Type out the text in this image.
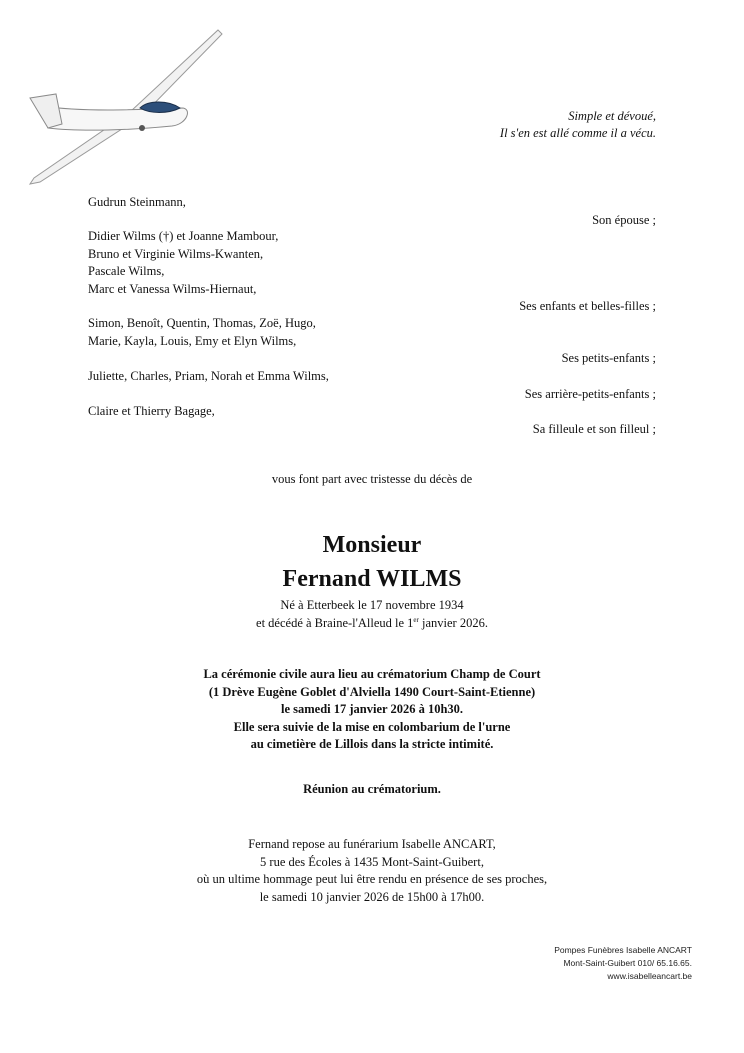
Simple et dévoué,
Il s'en est allé comme il a vécu.
Gudrun Steinmann,
Son épouse ;
Didier Wilms (†) et Joanne Mambour,
Bruno et Virginie Wilms-Kwanten,
Pascale Wilms,
Marc et Vanessa Wilms-Hiernaut,
Ses enfants et belles-filles ;
Simon, Benoît, Quentin, Thomas, Zoë, Hugo,
Marie, Kayla, Louis, Emy et Elyn Wilms,
Ses petits-enfants ;
Juliette, Charles, Priam, Norah et Emma Wilms,
Ses arrière-petits-enfants ;
Claire et Thierry Bagage,
Sa filleule et son filleul ;
vous font part avec tristesse du décès de
Monsieur
Fernand WILMS
Né à Etterbeek le 17 novembre 1934
et décédé à Braine-l'Alleud le 1er janvier 2026.
La cérémonie civile aura lieu au crématorium Champ de Court
(1 Drève Eugène Goblet d'Alviella 1490 Court-Saint-Etienne)
le samedi 17 janvier 2026 à 10h30.
Elle sera suivie de la mise en colombarium de l'urne
au cimetière de Lillois dans la stricte intimité.
Réunion au crématorium.
Fernand repose au funérarium Isabelle ANCART,
5 rue des Écoles à 1435 Mont-Saint-Guibert,
où un ultime hommage peut lui être rendu en présence de ses proches,
le samedi 10 janvier 2026 de 15h00 à 17h00.
Pompes Funèbres Isabelle ANCART
Mont-Saint-Guibert 010/ 65.16.65.
www.isabelleancart.be
